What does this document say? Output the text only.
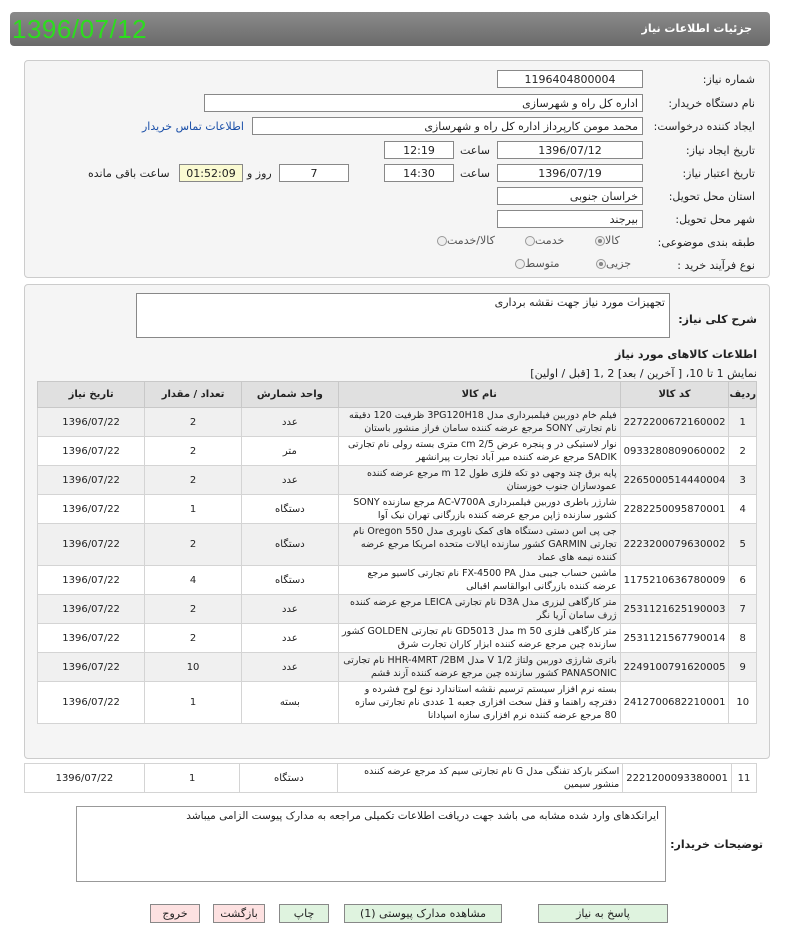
جزئیات اطلاعات نیاز
1396/07/12
شماره نیاز:
1196404800004
نام دستگاه خریدار:
اداره کل راه و شهرسازی
ایجاد کننده درخواست:
محمد مومن کارپرداز اداره کل راه و شهرسازی
اطلاعات تماس خریدار
تاریخ ایجاد نیاز:
1396/07/12
ساعت
12:19
تاریخ اعتبار نیاز:
1396/07/19
ساعت
14:30
7
روز و
01:52:09
ساعت باقی مانده
استان محل تحویل:
خراسان جنوبی
شهر محل تحویل:
بیرجند
طبقه بندی موضوعی:
کالا
خدمت
کالا/خدمت
نوع فرآیند خرید :
جزیی
متوسط
شرح کلی نیاز:
تجهیزات مورد نیاز جهت نقشه برداری
اطلاعات کالاهای مورد نیاز
نمایش 1 تا 10، [ آخرین / بعد] 2 ,1 [قبل / اولین]
ردیف	کد کالا	نام کالا	واحد شمارش	تعداد / مقدار	تاریخ نیاز
1	2272200672160002	فیلم خام دوربین فیلمبرداری مدل 3PG120H18 ظرفیت 120 دقیقه نام تجارتی SONY مرجع عرضه کننده سامان فراز منشور باستان	عدد	2	1396/07/22
2	0933280809060002	نوار لاستیکی در و پنجره عرض cm 2/5 متری بسته رولی نام تجارتی SADIK مرجع عرضه کننده میر آباد تجارت پیرانشهر	متر	2	1396/07/22
3	2265000514440004	پایه برق چند وجهی دو تکه فلزی طول m 12 مرجع عرضه کننده عمودسازان جنوب خوزستان	عدد	2	1396/07/22
4	2282250095870001	شارژر باطری دوربین فیلمبرداری AC-V700A مرجع سازنده SONY کشور سازنده ژاپن مرجع عرضه کننده بازرگانی تهران نیک آوا	دستگاه	1	1396/07/22
5	2223200079630002	جی پی اس دستی دستگاه های کمک ناوبری مدل Oregon 550 نام تجارتی GARMIN کشور سازنده ایالات متحده امریکا مرجع عرضه کننده نیمه های عماد	دستگاه	2	1396/07/22
6	1175210636780009	ماشین حساب جیبی مدل FX-4500 PA نام تجارتی کاسیو مرجع عرضه کننده بازرگانی ابوالقاسم اقبالی	دستگاه	4	1396/07/22
7	2531121625190003	متر کارگاهی لیزری مدل D3A نام تجارتی LEICA مرجع عرضه کننده ژرف سامان آریا نگر	عدد	2	1396/07/22
8	2531121567790014	متر کارگاهی فلزی m 50 مدل GD5013 نام تجارتی GOLDEN کشور سازنده چین مرجع عرضه کننده ابزار کاران تجارت شرق	عدد	2	1396/07/22
9	2249100791620005	باتری شارژی دوربین ولتاژ V 1/2 مدل HHR-4MRT /2BM نام تجارتی PANASONIC کشور سازنده چین مرجع عرضه کننده آزند قشم	عدد	10	1396/07/22
10	2412700682210001	بسته نرم افزار سیستم ترسیم نقشه استاندارد نوع لوح فشرده و دفترچه راهنما و قفل سخت افزاری جعبه 1 عددی نام تجارتی سازه 80 مرجع عرضه کننده نرم افزاری سازه اسپادانا	بسته	1	1396/07/22
11	2221200093380001	اسکنر بارکد تفنگی مدل G نام تجارتی سیم کد مرجع عرضه کننده منشور سیمین	دستگاه	1	1396/07/22
توضیحات خریدار:
ایرانکدهای وارد شده مشابه می باشد جهت دریافت اطلاعات تکمیلی مراجعه به مدارک پیوست الزامی میباشد
پاسخ به نیاز
مشاهده مدارک پیوستی (1)
چاپ
بازگشت
خروج
